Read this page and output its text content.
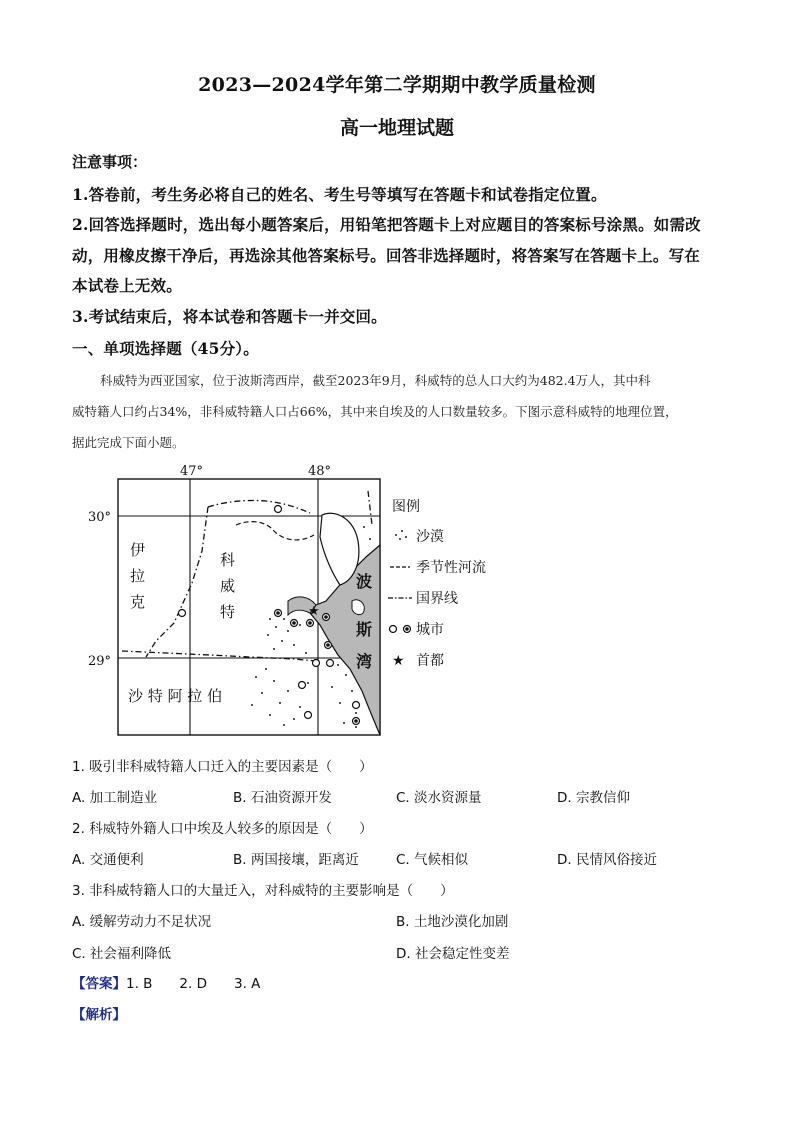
2023—2024学年第二学期期中教学质量检测
高一地理试题
注意事项：
1.答卷前，考生务必将自己的姓名、考生号等填写在答题卡和试卷指定位置。
2.回答选择题时，选出每小题答案后，用铅笔把答题卡上对应题目的答案标号涂黑。如需改
动，用橡皮擦干净后，再选涂其他答案标号。回答非选择题时，将答案写在答题卡上。写在
本试卷上无效。
3.考试结束后，将本试卷和答题卡一并交回。
一、单项选择题（45分）。
科威特为西亚国家，位于波斯湾西岸，截至2023年9月，科威特的总人口大约为482.4万人，其中科
威特籍人口约占34%，非科威特籍人口占66%，其中来自埃及的人口数量较多。下图示意科威特的地理位置，
据此完成下面小题。
47°	48°
30°
29°
★
伊
拉
克
科
威
特
波
斯
湾
沙 特 阿 拉 伯
图例
沙漠
季节性河流
国界线
城市
★ 首都
1. 吸引非科威特籍人口迁入的主要因素是（　　）
A. 加工制造业	B. 石油资源开发	C. 淡水资源量	D. 宗教信仰
2. 科威特外籍人口中埃及人较多的原因是（　　）
A. 交通便利	B. 两国接壤，距离近	C. 气候相似	D. 民情风俗接近
3. 非科威特籍人口的大量迁入，对科威特的主要影响是（　　）
A. 缓解劳动力不足状况	B. 土地沙漠化加剧
C. 社会福利降低	D. 社会稳定性变差
【答案】1. B　　2. D　　3. A
【解析】
